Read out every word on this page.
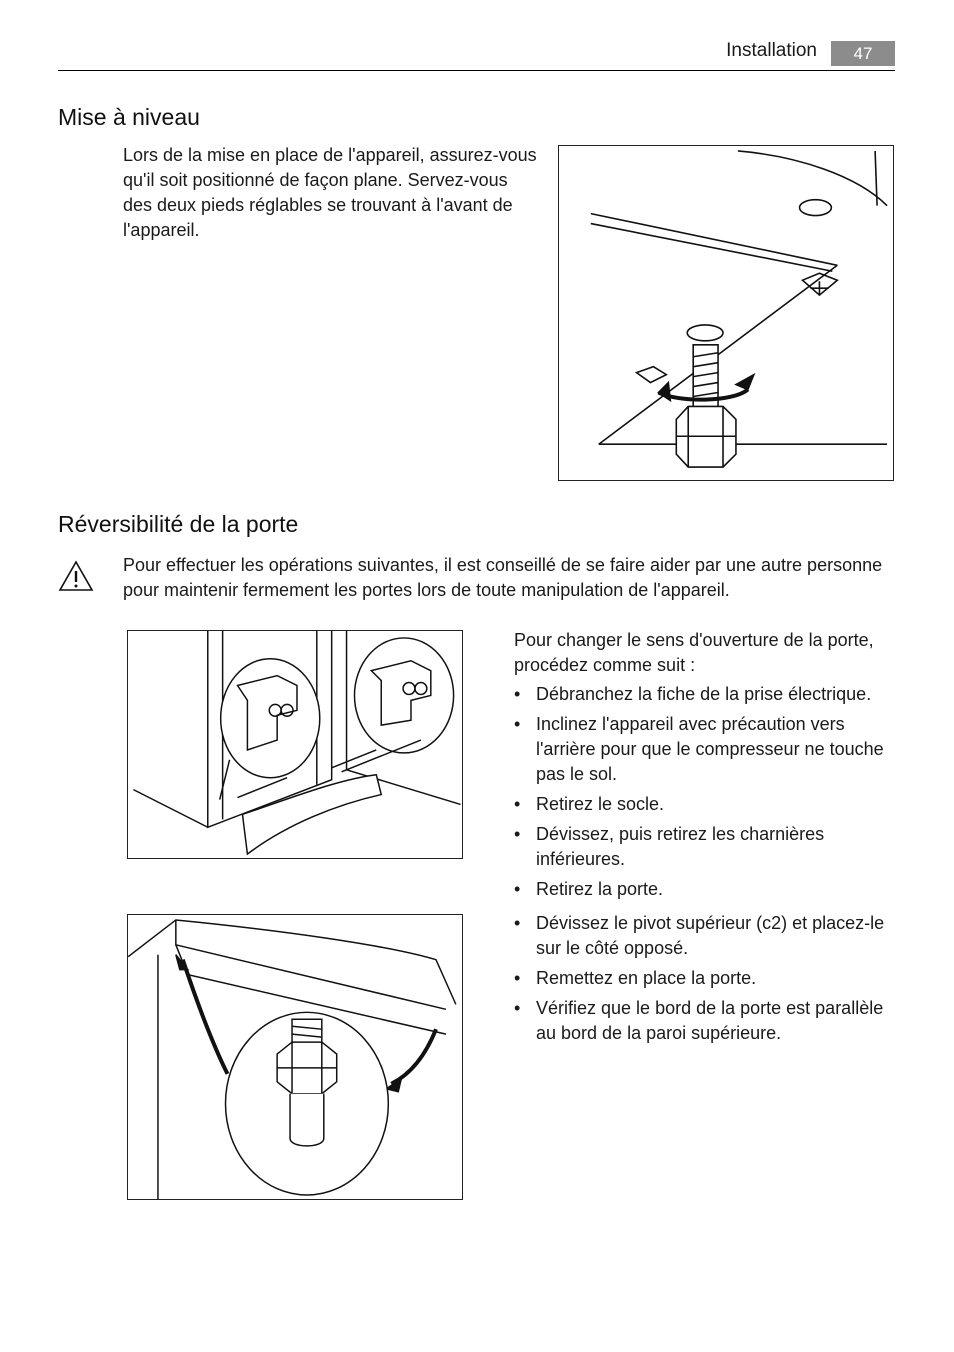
Installation	47
Mise à niveau

Lors de la mise en place de l'appareil, assurez-vous qu'il soit positionné de façon plane. Servez-vous des deux pieds réglables se trouvant à l'avant de l'appareil.

Réversibilité de la porte

Pour effectuer les opérations suivantes, il est conseillé de se faire aider par une autre personne pour maintenir fermement les portes lors de toute manipulation de l'appareil.

Pour changer le sens d'ouverture de la porte, procédez comme suit :

• Débranchez la fiche de la prise électrique.
• Inclinez l'appareil avec précaution vers l'arrière pour que le compresseur ne touche pas le sol.
• Retirez le socle.
• Dévissez, puis retirez les charnières inférieures.
• Retirez la porte.
• Dévissez le pivot supérieur (c2) et placez-le sur le côté opposé.
• Remettez en place la porte.
• Vérifiez que le bord de la porte est parallèle au bord de la paroi supérieure.
